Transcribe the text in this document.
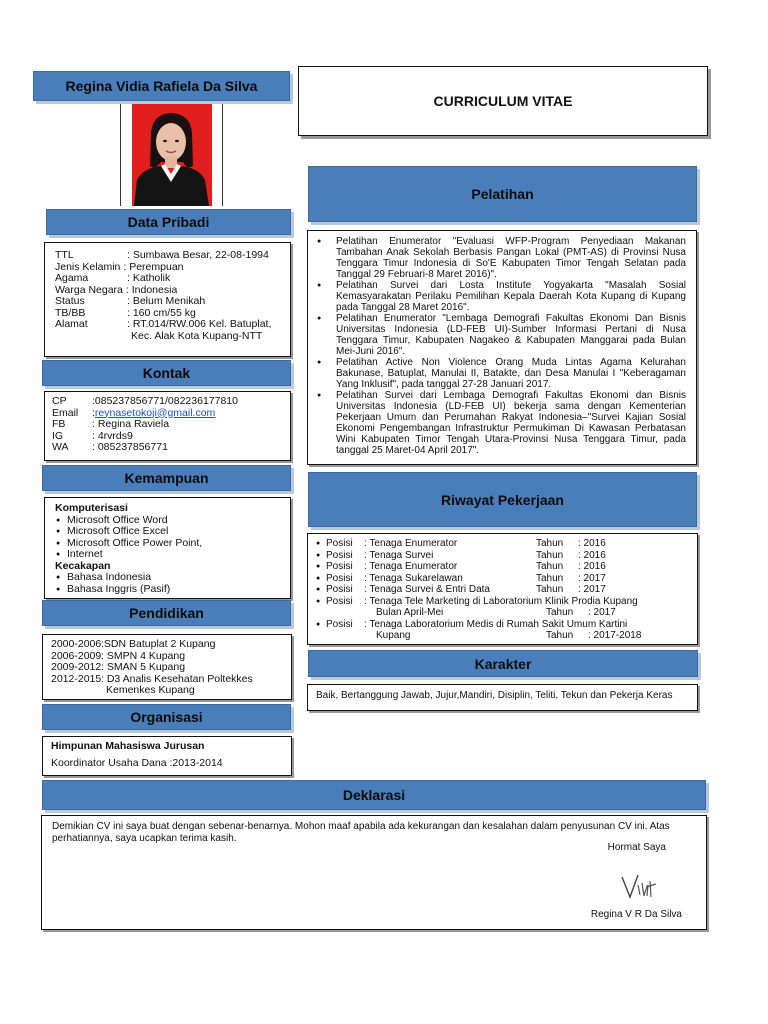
Regina Vidia Rafiela Da Silva
Data Pribadi
TTL	: Sumbawa Besar, 22-08-1994
Jenis Kelamin : Perempuan
Agama	: Katholik
Warga Negara : Indonesia
Status	: Belum Menikah
TB/BB	: 160 cm/55 kg
Alamat	: RT.014/RW.006 Kel. Batuplat,
Kec. Alak Kota Kupang-NTT
Kontak
CP	:085237856771/082236177810
Email	: reynasetokoji@gmail.com
FB	: Regina Raviela
IG	: 4rvrds9
WA	: 085237856771
Kemampuan
Komputerisasi
● Microsoft Office Word
● Microsoft Office Excel
● Microsoft Office Power Point,
● Internet
Kecakapan
● Bahasa Indonesia
● Bahasa Inggris (Pasif)
Pendidikan
2000-2006 :SDN Batuplat 2 Kupang
2006-2009 : SMPN 4 Kupang
2009-2012 : SMAN 5 Kupang
2012-2015 : D3 Analis Kesehatan Poltekkes
Kemenkes Kupang
Organisasi
Himpunan Mahasiswa Jurusan
Koordinator Usaha Dana :2013-2014
CURRICULUM VITAE
Pelatihan
● Pelatihan Enumerator "Evaluasi WFP-Program Penyediaan Makanan Tambahan Anak Sekolah Berbasis Pangan Lokal (PMT-AS) di Provinsi Nusa Tenggara Timur Indonesia di So'E Kabupaten Timor Tengah Selatan pada Tanggal 29 Februari-8 Maret 2016)".
● Pelatihan Survei dari Losta Institute Yogyakarta "Masalah Sosial Kemasyarakatan Perilaku Pemilihan Kepala Daerah Kota Kupang di Kupang pada Tanggal 28 Maret 2016".
● Pelatihan Enumerator "Lembaga Demografi Fakultas Ekonomi Dan Bisnis Universitas Indonesia (LD-FEB UI)-Sumber Informasi Pertani di Nusa Tenggara Timur, Kabupaten Nagakeo & Kabupaten Manggarai pada Bulan Mei-Juni 2016".
● Pelatihan Active Non Violence Orang Muda Lintas Agama Kelurahan Bakunase, Batuplat, Manulai II, Batakte, dan Desa Manulai I "Keberagaman Yang Inklusif", pada tanggal 27-28 Januari 2017.
● Pelatihan Survei dari Lembaga Demografi Fakultas Ekonomi dan Bisnis Universitas Indonesia (LD-FEB UI) bekerja sama dengan Kementerian Pekerjaan Umum dan Perumahan Rakyat Indonesia–"Survei Kajian Sosial Ekonomi Pengembangan Infrastruktur Permukiman Di Kawasan Perbatasan Wini Kabupaten Timor Tengah Utara-Provinsi Nusa Tenggara Timur, pada tanggal 25 Maret-04 April 2017".
Riwayat Pekerjaan
● Posisi	: Tenaga Enumerator	Tahun	: 2016
● Posisi	: Tenaga Survei	Tahun	: 2016
● Posisi	: Tenaga Enumerator	Tahun	: 2016
● Posisi	: Tenaga Sukarelawan	Tahun	: 2017
● Posisi	: Tenaga Survei & Entri Data	Tahun	: 2017
● Posisi	: Tenaga Tele Marketing di Laboratorium Klinik Prodia Kupang
Bulan April-Mei	Tahun	: 2017
● Posisi	: Tenaga Laboratorium Medis di Rumah Sakit Umum Kartini
Kupang	Tahun	: 2017-2018
Karakter
Baik, Bertanggung Jawab, Jujur,Mandiri, Disiplin, Teliti, Tekun dan Pekerja Keras
Deklarasi
Demikian CV ini saya buat dengan sebenar-benarnya. Mohon maaf apabila ada kekurangan dan kesalahan dalam penyusunan CV ini. Atas perhatiannya, saya ucapkan terima kasih.
Hormat Saya
Regina V R Da Silva
